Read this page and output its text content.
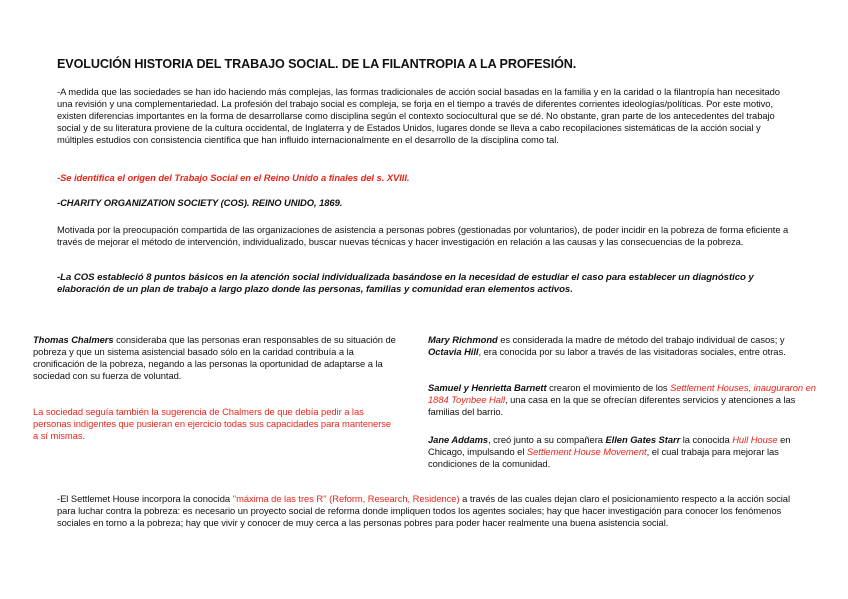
EVOLUCIÓN HISTORIA DEL TRABAJO SOCIAL. DE LA FILANTROPIA A LA PROFESIÓN.

-A medida que las sociedades se han ido haciendo más complejas, las formas tradicionales de acción social basadas en la familia y en la caridad o la filantropía han necesitado una revisión y una complementariedad. La profesión del trabajo social es compleja, se forja en el tiempo a través de diferentes corrientes ideologías/políticas. Por este motivo, existen diferencias importantes en la forma de desarrollarse como disciplina según el contexto sociocultural que se dé. No obstante, gran parte de los antecedentes del trabajo social y de su literatura proviene de la cultura occidental, de Inglaterra y de Estados Unidos, lugares donde se lleva a cabo recopilaciones sistemáticas de la acción social y múltiples estudios con consistencia científica que han influido internacionalmente en el desarrollo de la disciplina como tal.

-Se identifica el origen del Trabajo Social en el Reino Unido a finales del s. XVIII.

-CHARITY ORGANIZATION SOCIETY (COS). REINO UNIDO, 1869.

Motivada por la preocupación compartida de las organizaciones de asistencia a personas pobres (gestionadas por voluntarios), de poder incidir en la pobreza de forma eficiente a través de mejorar el método de intervención, individualizado, buscar nuevas técnicas y hacer investigación en relación a las causas y las consecuencias de la pobreza.

-La COS estableció 8 puntos básicos en la atención social individualizada basándose en la necesidad de estudiar el caso para establecer un diagnóstico y elaboración de un plan de trabajo a largo plazo donde las personas, familias y comunidad eran elementos activos.

Thomas Chalmers consideraba que las personas eran responsables de su situación de pobreza y que un sistema asistencial basado sólo en la caridad contribuía a la cronificación de la pobreza, negando a las personas la oportunidad de adaptarse a la sociedad con su fuerza de voluntad.

La sociedad seguía también la sugerencia de Chalmers de que debía pedir a las personas indigentes que pusieran en ejercicio todas sus capacidades para mantenerse a sí mismas.

Mary Richmond es considerada la madre de método del trabajo individual de casos; y Octavia Hill, era conocida por su labor a través de las visitadoras sociales, entre otras.

Samuel y Henrietta Barnett crearon el movimiento de los Settlement Houses, inauguraron en 1884 Toynbee Hall, una casa en la que se ofrecían diferentes servicios y atenciones a las familias del barrio.

Jane Addams, creó junto a su compañera Ellen Gates Starr la conocida Hull House en Chicago, impulsando el Settlement House Movement, el cual trabaja para mejorar las condiciones de la comunidad.

-El Settlemet House incorpora la conocida ''máxima de las tres R'' (Reform, Research, Residence) a través de las cuales dejan claro el posicionamiento respecto a la acción social para luchar contra la pobreza: es necesario un proyecto social de reforma donde impliquen todos los agentes sociales; hay que hacer investigación para conocer los fenómenos sociales en torno a la pobreza; hay que vivir y conocer de muy cerca a las personas pobres para poder hacer realmente una buena asistencia social.
